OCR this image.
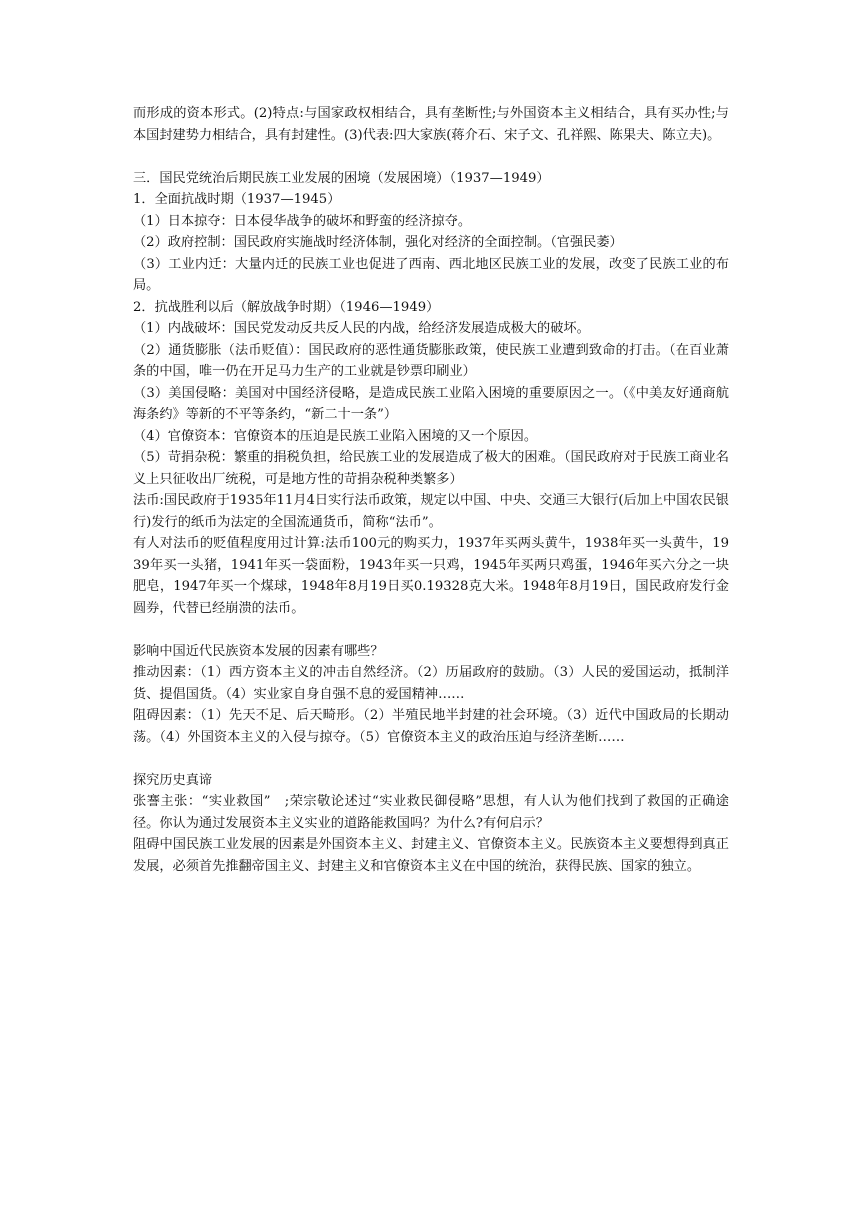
而形成的资本形式。(2)特点:与国家政权相结合，具有垄断性;与外国资本主义相结合，具有买办性;与本国封建势力相结合，具有封建性。(3)代表:四大家族(蒋介石、宋子文、孔祥熙、陈果夫、陈立夫)。

三．国民党统治后期民族工业发展的困境（发展困境）（1937—1949）

1．全面抗战时期（1937—1945）

（1）日本掠夺：日本侵华战争的破坏和野蛮的经济掠夺。

（2）政府控制：国民政府实施战时经济体制，强化对经济的全面控制。（官强民萎）

（3）工业内迁：大量内迁的民族工业也促进了西南、西北地区民族工业的发展，改变了民族工业的布局。

2．抗战胜利以后（解放战争时期）（1946—1949）

（1）内战破坏：国民党发动反共反人民的内战，给经济发展造成极大的破坏。

（2）通货膨胀（法币贬值）：国民政府的恶性通货膨胀政策，使民族工业遭到致命的打击。（在百业萧条的中国，唯一仍在开足马力生产的工业就是钞票印刷业）

（3）美国侵略：美国对中国经济侵略，是造成民族工业陷入困境的重要原因之一。（《中美友好通商航海条约》等新的不平等条约，“新二十一条”）

（4）官僚资本：官僚资本的压迫是民族工业陷入困境的又一个原因。

（5）苛捐杂税：繁重的捐税负担，给民族工业的发展造成了极大的困难。（国民政府对于民族工商业名义上只征收出厂统税，可是地方性的苛捐杂税种类繁多）

法币:国民政府于1935年11月4日实行法币政策，规定以中国、中央、交通三大银行(后加上中国农民银行)发行的纸币为法定的全国流通货币，简称“法币”。

有人对法币的贬值程度用过计算:法币100元的购买力，1937年买两头黄牛，1938年买一头黄牛，1939年买一头猪，1941年买一袋面粉，1943年买一只鸡，1945年买两只鸡蛋，1946年买六分之一块肥皂，1947年买一个煤球，1948年8月19日买0.19328克大米。1948年8月19日，国民政府发行金圆券，代替已经崩溃的法币。

影响中国近代民族资本发展的因素有哪些？

推动因素：（1）西方资本主义的冲击自然经济。（2）历届政府的鼓励。（3）人民的爱国运动，抵制洋货、提倡国货。（4）实业家自身自强不息的爱国精神……

阻碍因素：（1）先天不足、后天畸形。（2）半殖民地半封建的社会环境。（3）近代中国政局的长期动荡。（4）外国资本主义的入侵与掠夺。（5）官僚资本主义的政治压迫与经济垄断……

探究历史真谛

张謇主张：“实业救国”　;荣宗敬论述过“实业救民御侵略”思想，有人认为他们找到了救国的正确途径。你认为通过发展资本主义实业的道路能救国吗？为什么?有何启示？

阻碍中国民族工业发展的因素是外国资本主义、封建主义、官僚资本主义。民族资本主义要想得到真正发展，必须首先推翻帝国主义、封建主义和官僚资本主义在中国的统治，获得民族、国家的独立。
